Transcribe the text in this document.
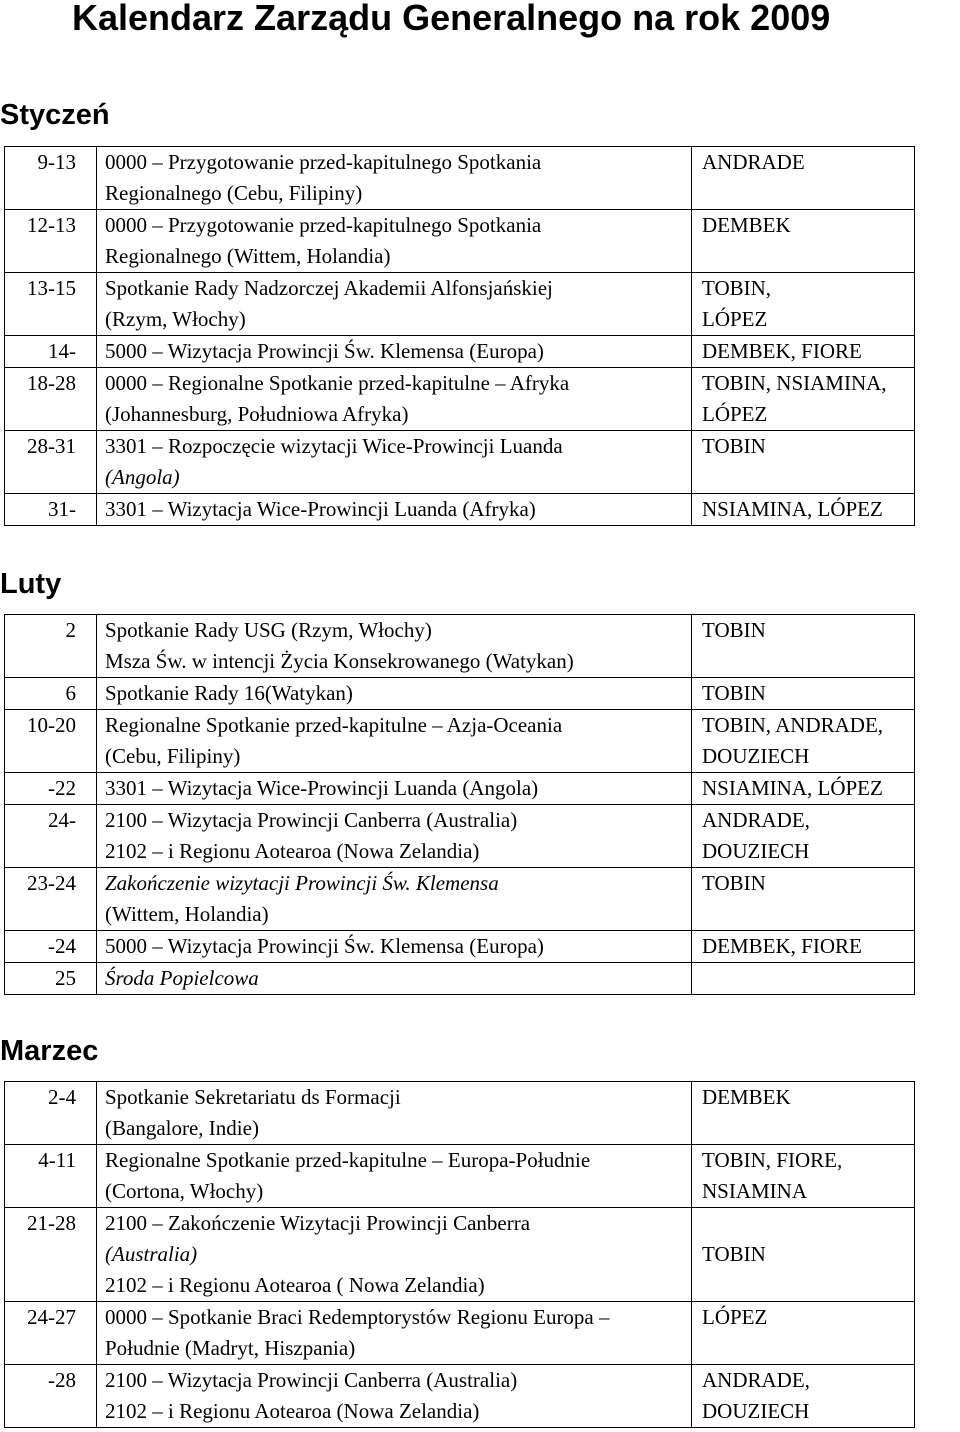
Kalendarz Zarządu Generalnego na rok 2009
Styczeń
9-13	0000 – Przygotowanie przed-kapitulnego Spotkania
Regionalnego (Cebu, Filipiny)	ANDRADE

12-13	0000 – Przygotowanie przed-kapitulnego Spotkania
Regionalnego (Wittem, Holandia)	DEMBEK

13-15	Spotkanie Rady Nadzorczej Akademii Alfonsjańskiej
(Rzym, Włochy)	TOBIN,
LÓPEZ

14-	5000 – Wizytacja Prowincji Św. Klemensa (Europa)	DEMBEK, FIORE

18-28	0000 – Regionalne Spotkanie przed-kapitulne – Afryka
(Johannesburg, Południowa Afryka)	TOBIN, NSIAMINA,
LÓPEZ

28-31	3301 – Rozpoczęcie wizytacji Wice-Prowincji Luanda
(Angola)	TOBIN

31-	3301 – Wizytacja Wice-Prowincji Luanda (Afryka)	NSIAMINA, LÓPEZ
Luty
2	Spotkanie Rady USG (Rzym, Włochy)
Msza Św. w intencji Życia Konsekrowanego (Watykan)	TOBIN

6	Spotkanie Rady 16(Watykan)	TOBIN

10-20	Regionalne Spotkanie przed-kapitulne – Azja-Oceania
(Cebu, Filipiny)	TOBIN, ANDRADE,
DOUZIECH

-22	3301 – Wizytacja Wice-Prowincji Luanda (Angola)	NSIAMINA, LÓPEZ

24-	2100 – Wizytacja Prowincji Canberra (Australia)
2102 – i Regionu Aotearoa (Nowa Zelandia)	ANDRADE,
DOUZIECH

23-24	Zakończenie wizytacji Prowincji Św. Klemensa
(Wittem, Holandia)	TOBIN

-24	5000 – Wizytacja Prowincji Św. Klemensa (Europa)	DEMBEK, FIORE

25	Środa Popielcowa	

Marzec
2-4	Spotkanie Sekretariatu ds Formacji
(Bangalore, Indie)	DEMBEK

4-11	Regionalne Spotkanie przed-kapitulne – Europa-Południe
(Cortona, Włochy)	TOBIN, FIORE,
NSIAMINA

21-28	2100 – Zakończenie Wizytacji Prowincji Canberra
(Australia)
2102 – i Regionu Aotearoa ( Nowa Zelandia)	TOBIN

24-27	0000 – Spotkanie Braci Redemptorystów Regionu Europa –
Południe (Madryt, Hiszpania)	LÓPEZ

-28	2100 – Wizytacja Prowincji Canberra (Australia)
2102 – i Regionu Aotearoa (Nowa Zelandia)	ANDRADE,
DOUZIECH
